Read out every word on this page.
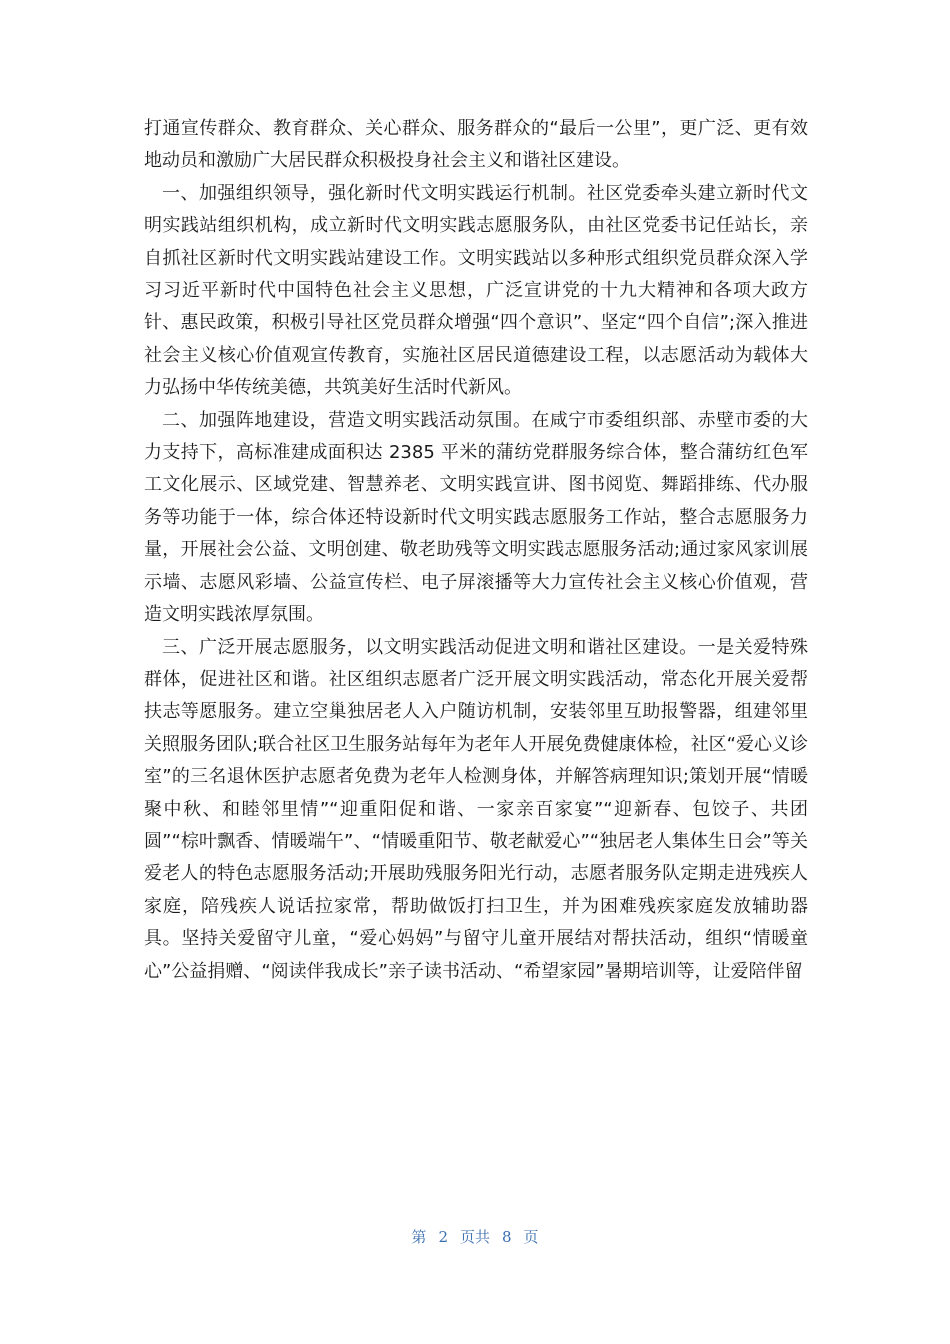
打通宣传群众、教育群众、关心群众、服务群众的“最后一公里”，更广泛、更有效地动员和激励广大居民群众积极投身社会主义和谐社区建设。

一、加强组织领导，强化新时代文明实践运行机制。社区党委牵头建立新时代文明实践站组织机构，成立新时代文明实践志愿服务队，由社区党委书记任站长，亲自抓社区新时代文明实践站建设工作。文明实践站以多种形式组织党员群众深入学习习近平新时代中国特色社会主义思想，广泛宣讲党的十九大精神和各项大政方针、惠民政策，积极引导社区党员群众增强“四个意识”、坚定“四个自信”;深入推进社会主义核心价值观宣传教育，实施社区居民道德建设工程，以志愿活动为载体大力弘扬中华传统美德，共筑美好生活时代新风。

二、加强阵地建设，营造文明实践活动氛围。在咸宁市委组织部、赤壁市委的大力支持下，高标准建成面积达 2385 平米的蒲纺党群服务综合体，整合蒲纺红色军工文化展示、区域党建、智慧养老、文明实践宣讲、图书阅览、舞蹈排练、代办服务等功能于一体，综合体还特设新时代文明实践志愿服务工作站，整合志愿服务力量，开展社会公益、文明创建、敬老助残等文明实践志愿服务活动;通过家风家训展示墙、志愿风彩墙、公益宣传栏、电子屏滚播等大力宣传社会主义核心价值观，营造文明实践浓厚氛围。

三、广泛开展志愿服务，以文明实践活动促进文明和谐社区建设。一是关爱特殊群体，促进社区和谐。社区组织志愿者广泛开展文明实践活动，常态化开展关爱帮扶志等愿服务。建立空巢独居老人入户随访机制，安装邻里互助报警器，组建邻里关照服务团队;联合社区卫生服务站每年为老年人开展免费健康体检，社区“爱心义诊室”的三名退休医护志愿者免费为老年人检测身体，并解答病理知识;策划开展“情暖聚中秋、和睦邻里情”“迎重阳促和谐、一家亲百家宴”“迎新春、包饺子、共团圆”“棕叶飘香、情暖端午”、“情暖重阳节、敬老献爱心”“独居老人集体生日会”等关爱老人的特色志愿服务活动;开展助残服务阳光行动，志愿者服务队定期走进残疾人家庭，陪残疾人说话拉家常，帮助做饭打扫卫生，并为困难残疾家庭发放辅助器具。坚持关爱留守儿童，“爱心妈妈”与留守儿童开展结对帮扶活动，组织“情暖童心”公益捐赠、“阅读伴我成长”亲子读书活动、“希望家园”暑期培训等，让爱陪伴留

第 2 页共 8 页
